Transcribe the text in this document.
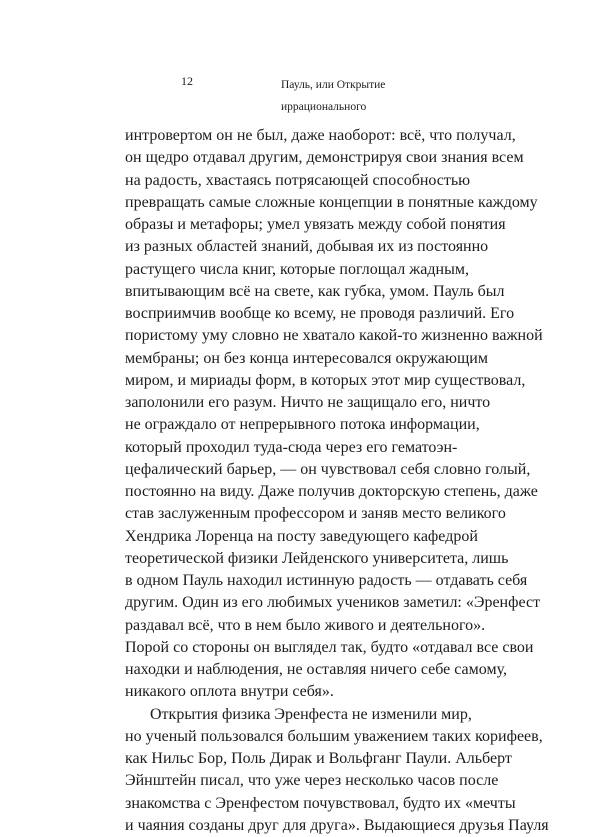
12	Пауль, или Открытие
иррационального
интровертом он не был, даже наоборот: всё, что получал,
он щедро отдавал другим, демонстрируя свои знания всем
на радость, хвастаясь потрясающей способностью
превращать самые сложные концепции в понятные каждому
образы и метафоры; умел увязать между собой понятия
из разных областей знаний, добывая их из постоянно
растущего числа книг, которые поглощал жадным,
впитывающим всё на свете, как губка, умом. Пауль был
восприимчив вообще ко всему, не проводя различий. Его
пористому уму словно не хватало какой-то жизненно важной
мембраны; он без конца интересовался окружающим
миром, и мириады форм, в которых этот мир существовал,
заполонили его разум. Ничто не защищало его, ничто
не ограждало от непрерывного потока информации,
который проходил туда-сюда через его гематоэн-
цефалический барьер, — он чувствовал себя словно голый,
постоянно на виду. Даже получив докторскую степень, даже
став заслуженным профессором и заняв место великого
Хендрика Лоренца на посту заведующего кафедрой
теоретической физики Лейденского университета, лишь
в одном Пауль находил истинную радость — отдавать себя
другим. Один из его любимых учеников заметил: «Эренфест
раздавал всё, что в нем было живого и деятельного».
Порой со стороны он выглядел так, будто «отдавал все свои
находки и наблюдения, не оставляя ничего себе самому,
никакого оплота внутри себя».
Открытия физика Эренфеста не изменили мир,
но ученый пользовался большим уважением таких корифеев,
как Нильс Бор, Поль Дирак и Вольфганг Паули. Альберт
Эйнштейн писал, что уже через несколько часов после
знакомства с Эренфестом почувствовал, будто их «мечты
и чаяния созданы друг для друга». Выдающиеся друзья Пауля
